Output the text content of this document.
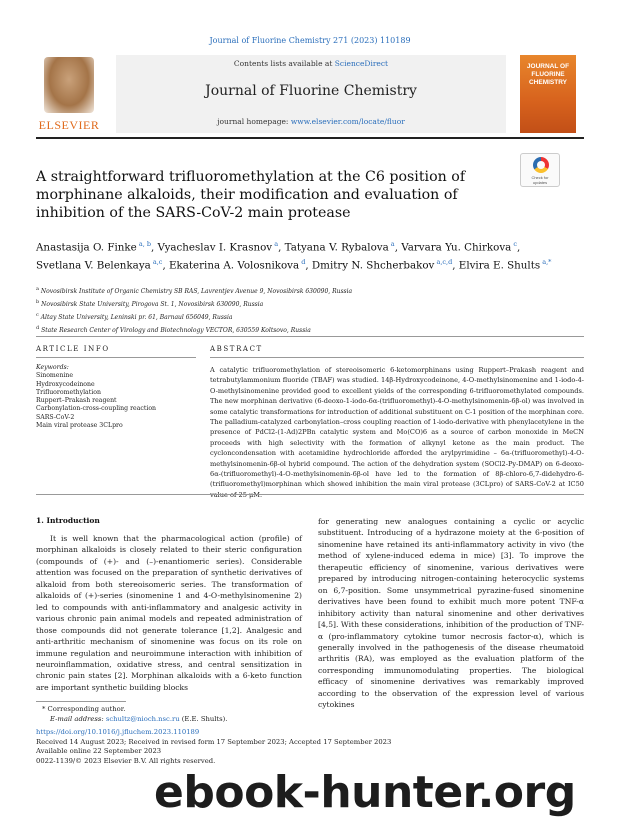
Journal of Fluorine Chemistry 271 (2023) 110189
ELSEVIER
Contents lists available at ScienceDirect
Journal of Fluorine Chemistry
journal homepage: www.elsevier.com/locate/fluor
JOURNAL OF
FLUORINE
CHEMISTRY
A straightforward trifluoromethylation at the C6 position of morphinane alkaloids, their modification and evaluation of inhibition of the SARS-CoV-2 main protease
Check for
updates
Anastasija O. Finke $^{a, b}$, Vyacheslav I. Krasnov $^a$, Tatyana V. Rybalova $^a$, Varvara Yu. Chirkova $^c$, Svetlana V. Belenkaya $^{a,c}$, Ekaterina A. Volosnikova $^d$, Dmitry N. Shcherbakov $^{a,c,d}$, Elvira E. Shults $^{a,*}$
$^a$ Novosibirsk Institute of Organic Chemistry SB RAS, Lavrentjev Avenue 9, Novosibirsk 630090, Russia
$^b$ Novosibirsk State University, Pirogova St. 1, Novosibirsk 630090, Russia
$^c$ Altay State University, Leninski pr. 61, Barnaul 656049, Russia
$^d$ State Research Center of Virology and Biotechnology VECTOR, 630559 Koltsovo, Russia
ARTICLE INFO	ABSTRACT
Keywords:
Sinomenine
Hydroxycodeinone
Trifluoromethylation
Ruppert–Prakash reagent
Carbonylation-cross-coupling reaction
SARS-CoV-2
Main viral protease 3CLpro
A catalytic trifluoromethylation of stereoisomeric 6-ketomorphinans using Ruppert–Prakash reagent and tetrabutylammonium fluoride (TBAF) was studied. 14β-Hydroxycodeinone, 4-O-methylsinomenine and 1-iodo-4-O-methylsinomenine provided good to excellent yields of the corresponding 6-trifluoromethylated compounds. The new morphinan derivative (6-deoxo-1-iodo-6α-(trifluoromethyl)-4-O-methylsinomenin-6β-ol) was involved in some catalytic transformations for introduction of additional substituent on C-1 position of the morphinan core. The palladium-catalyzed carbonylation–cross coupling reaction of 1-iodo-derivative with phenylacetylene in the presence of PdCl2-(1-Ad)2PBn catalytic system and Mo(CO)6 as a source of carbon monoxide in MeCN proceeds with high selectivity with the formation of alkynyl ketone as the main product. The cycloncondensation with acetamidine hydrochloride afforded the arylpyrimidine – 6α-(trifluoromethyl)-4-O-methylsinomenin-6β-ol hybrid compound. The action of the dehydration system (SOCl2-Py-DMAP) on 6-deoxo-6α-(trifluoromethyl)-4-O-methylsinomenin-6β-ol have led to the formation of 8β-chloro-6,7-didehydro-6-(trifluoromethyl)morphinan which showed inhibition the main viral protease (3CLpro) of SARS-CoV-2 at IC50 value of 25 μM.
1. Introduction
It is well known that the pharmacological action (profile) of morphinan alkaloids is closely related to their steric configuration (compounds of (+)- and (–)-enantiomeric series). Considerable attention was focused on the preparation of synthetic derivatives of alkaloid from both stereoisomeric series. The transformation of alkaloids of (+)-series (sinomenine 1 and 4-O-methylsinomenine 2) led to compounds with anti-inflammatory and analgesic activity in various chronic pain animal models and repeated administration of those compounds did not generate tolerance [1,2]. Analgesic and anti-arthritic mechanism of sinomenine was focus on its role on immune regulation and neuroimmune interaction with inhibition of neuroinflammation, oxidative stress, and central sensitization in chronic pain states [2]. Morphinan alkaloids with a 6-keto function are important synthetic building blocks
for generating new analogues containing a cyclic or acyclic substituent. Introducing of a hydrazone moiety at the 6-position of sinomenine have retained its anti-inflammatory activity in vivo (the method of xylene-induced edema in mice) [3]. To improve the therapeutic efficiency of sinomenine, various derivatives were prepared by introducing nitrogen-containing heterocyclic systems on 6,7-position. Some unsymmetrical pyrazine-fused sinomenine derivatives have been found to exhibit much more potent TNF-α inhibitory activity than natural sinomenine and other derivatives [4,5]. With these considerations, inhibition of the production of TNF-α (pro-inflammatory cytokine tumor necrosis factor-α), which is generally involved in the pathogenesis of the disease rheumatoid arthritis (RA), was employed as the evaluation platform of the corresponding immunomodulating properties. The biological efficacy of sinomenine derivatives was remarkably improved according to the observation of the expression level of various cytokines
* Corresponding author.
E-mail address: schultz@nioch.nsc.ru (E.E. Shults).
https://doi.org/10.1016/j.jfluchem.2023.110189
Received 14 August 2023; Received in revised form 17 September 2023; Accepted 17 September 2023
Available online 22 September 2023
0022-1139/© 2023 Elsevier B.V. All rights reserved.
ebook-hunter.org
